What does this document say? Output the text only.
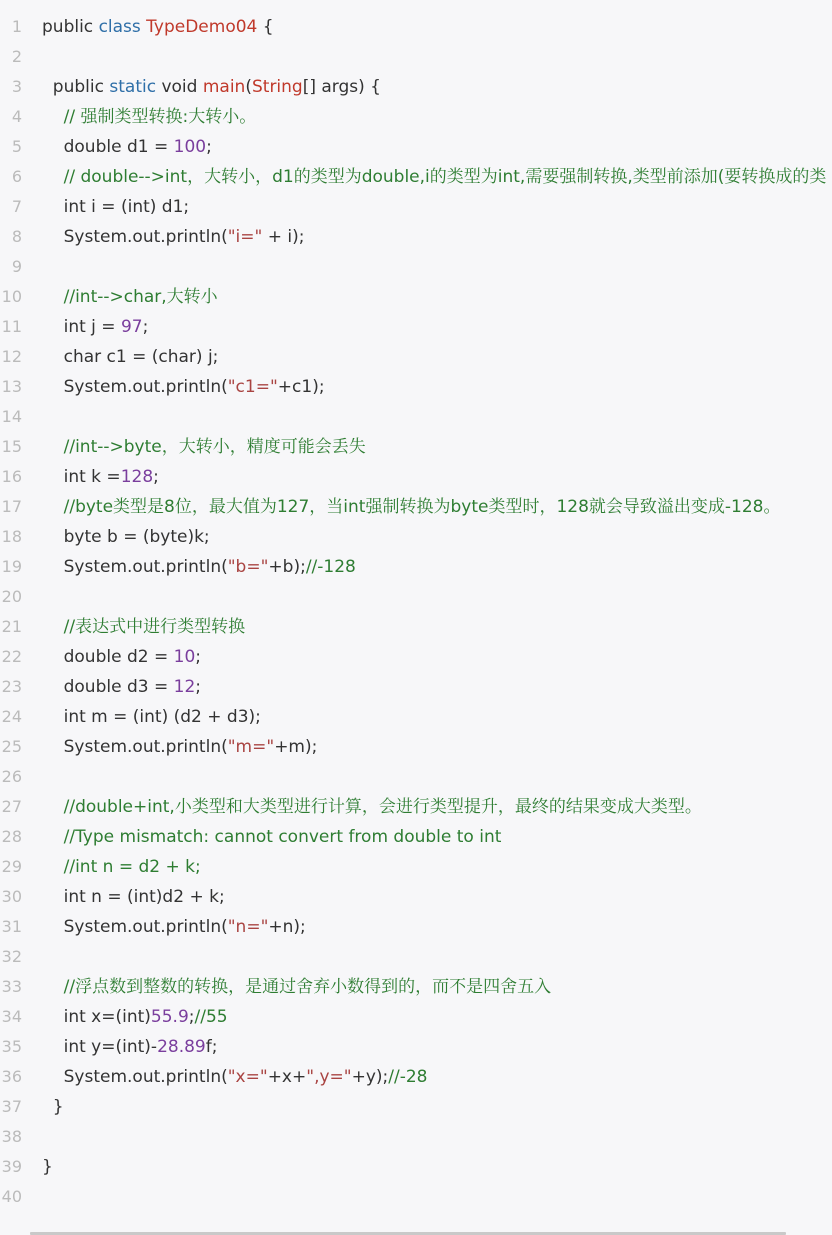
1 public class TypeDemo04 {
2
3 public static void main(String[] args) {
4 // 强制类型转换:大转小。
5 double d1 = 100;
6 // double-->int，大转小，d1的类型为double,i的类型为int,需要强制转换,类型前添加(要转换成的类
7 int i = (int) d1;
8 System.out.println("i=" + i);
9
10 //int-->char,大转小
11 int j = 97;
12 char c1 = (char) j;
13 System.out.println("c1="+c1);
14
15 //int-->byte，大转小，精度可能会丢失
16 int k =128;
17 //byte类型是8位，最大值为127，当int强制转换为byte类型时，128就会导致溢出变成-128。
18 byte b = (byte)k;
19 System.out.println("b="+b);//-128
20
21 //表达式中进行类型转换
22 double d2 = 10;
23 double d3 = 12;
24 int m = (int) (d2 + d3);
25 System.out.println("m="+m);
26
27 //double+int,小类型和大类型进行计算，会进行类型提升，最终的结果变成大类型。
28 //Type mismatch: cannot convert from double to int
29 //int n = d2 + k;
30 int n = (int)d2 + k;
31 System.out.println("n="+n);
32
33 //浮点数到整数的转换，是通过舍弃小数得到的，而不是四舍五入
34 int x=(int)55.9;//55
35 int y=(int)-28.89f;
36 System.out.println("x="+x+",y="+y);//-28
37 }
38
39 }
40
